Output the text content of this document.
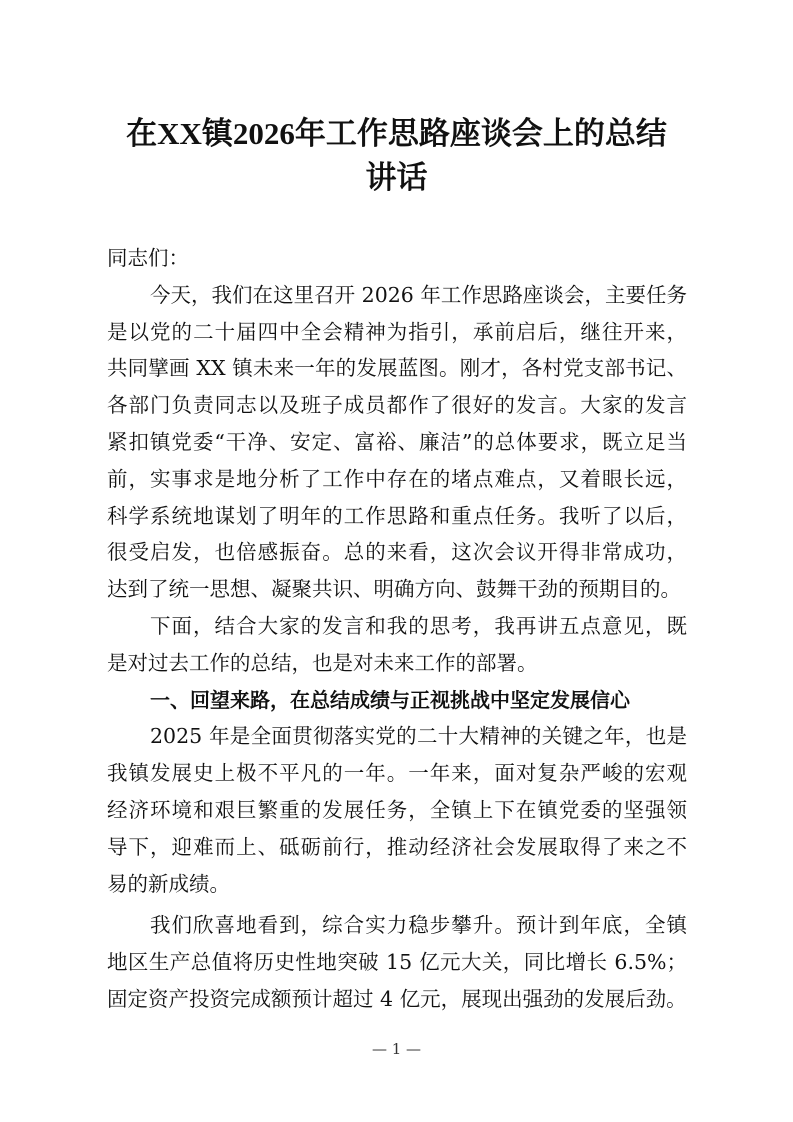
在XX镇2026年工作思路座谈会上的总结
讲话
同志们：
今天，我们在这里召开 2026 年工作思路座谈会，主要任务
是以党的二十届四中全会精神为指引，承前启后，继往开来，
共同擘画 XX 镇未来一年的发展蓝图。刚才，各村党支部书记、
各部门负责同志以及班子成员都作了很好的发言。大家的发言
紧扣镇党委“干净、安定、富裕、廉洁”的总体要求，既立足当
前，实事求是地分析了工作中存在的堵点难点，又着眼长远，
科学系统地谋划了明年的工作思路和重点任务。我听了以后，
很受启发，也倍感振奋。总的来看，这次会议开得非常成功，
达到了统一思想、凝聚共识、明确方向、鼓舞干劲的预期目的。
下面，结合大家的发言和我的思考，我再讲五点意见，既
是对过去工作的总结，也是对未来工作的部署。
一、回望来路，在总结成绩与正视挑战中坚定发展信心
2025 年是全面贯彻落实党的二十大精神的关键之年，也是
我镇发展史上极不平凡的一年。一年来，面对复杂严峻的宏观
经济环境和艰巨繁重的发展任务，全镇上下在镇党委的坚强领
导下，迎难而上、砥砺前行，推动经济社会发展取得了来之不
易的新成绩。
我们欣喜地看到，综合实力稳步攀升。预计到年底，全镇
地区生产总值将历史性地突破 15 亿元大关，同比增长 6.5%；
固定资产投资完成额预计超过 4 亿元，展现出强劲的发展后劲。
— 1 —
